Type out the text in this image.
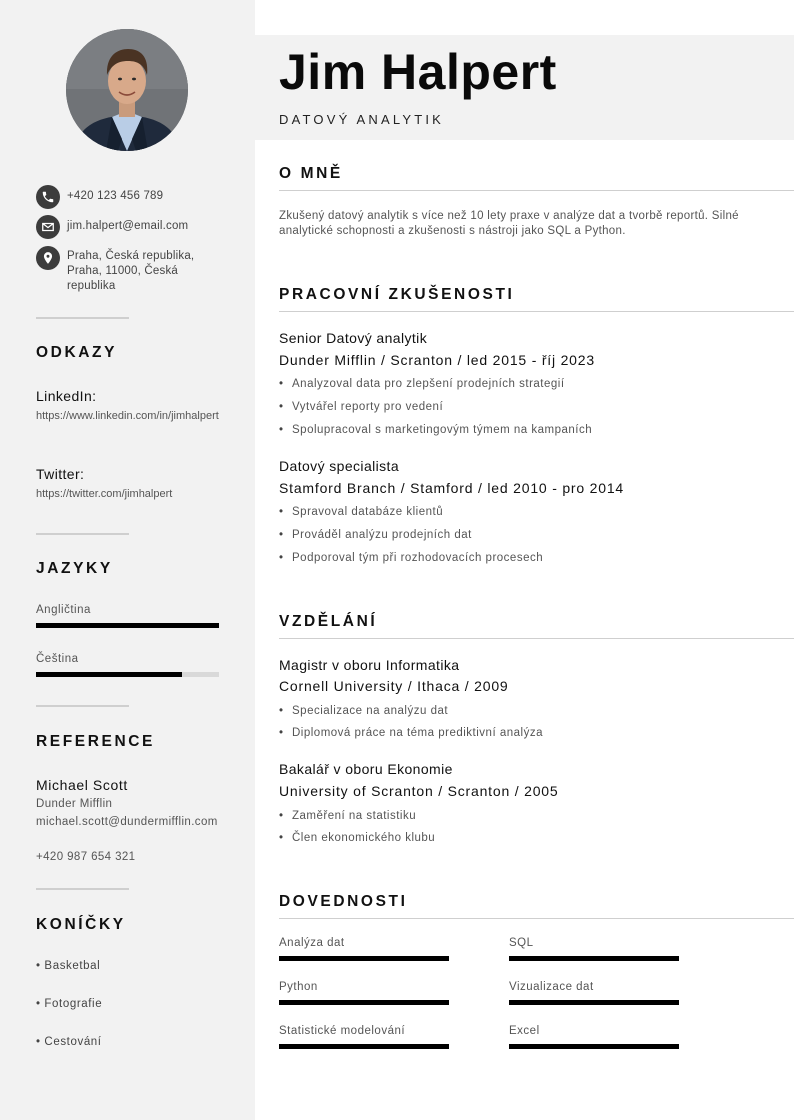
+420 123 456 789
jim.halpert@email.com
Praha, Česká republika, Praha, 11000, Česká republika
ODKAZY
LinkedIn:
https://www.linkedin.com/in/jimhalpert
Twitter:
https://twitter.com/jimhalpert
JAZYKY
Angličtina
Čeština
REFERENCE
Michael Scott
Dunder Mifflin
michael.scott@dundermifflin.com
+420 987 654 321
KONÍČKY
• Basketbal
• Fotografie
• Cestování
Jim Halpert
DATOVÝ ANALYTIK
O MNĚ
Zkušený datový analytik s více než 10 lety praxe v analýze dat a tvorbě reportů. Silné analytické schopnosti a zkušenosti s nástroji jako SQL a Python.
PRACOVNÍ ZKUŠENOSTI
Senior Datový analytik
Dunder Mifflin / Scranton / led 2015 - říj 2023
• Analyzoval data pro zlepšení prodejních strategií
• Vytvářel reporty pro vedení
• Spolupracoval s marketingovým týmem na kampaních
Datový specialista
Stamford Branch / Stamford / led 2010 - pro 2014
• Spravoval databáze klientů
• Prováděl analýzu prodejních dat
• Podporoval tým při rozhodovacích procesech
VZDĚLÁNÍ
Magistr v oboru Informatika
Cornell University / Ithaca / 2009
• Specializace na analýzu dat
• Diplomová práce na téma prediktivní analýza
Bakalář v oboru Ekonomie
University of Scranton / Scranton / 2005
• Zaměření na statistiku
• Člen ekonomického klubu
DOVEDNOSTI
Analýza dat	SQL
Python	Vizualizace dat
Statistické modelování	Excel
